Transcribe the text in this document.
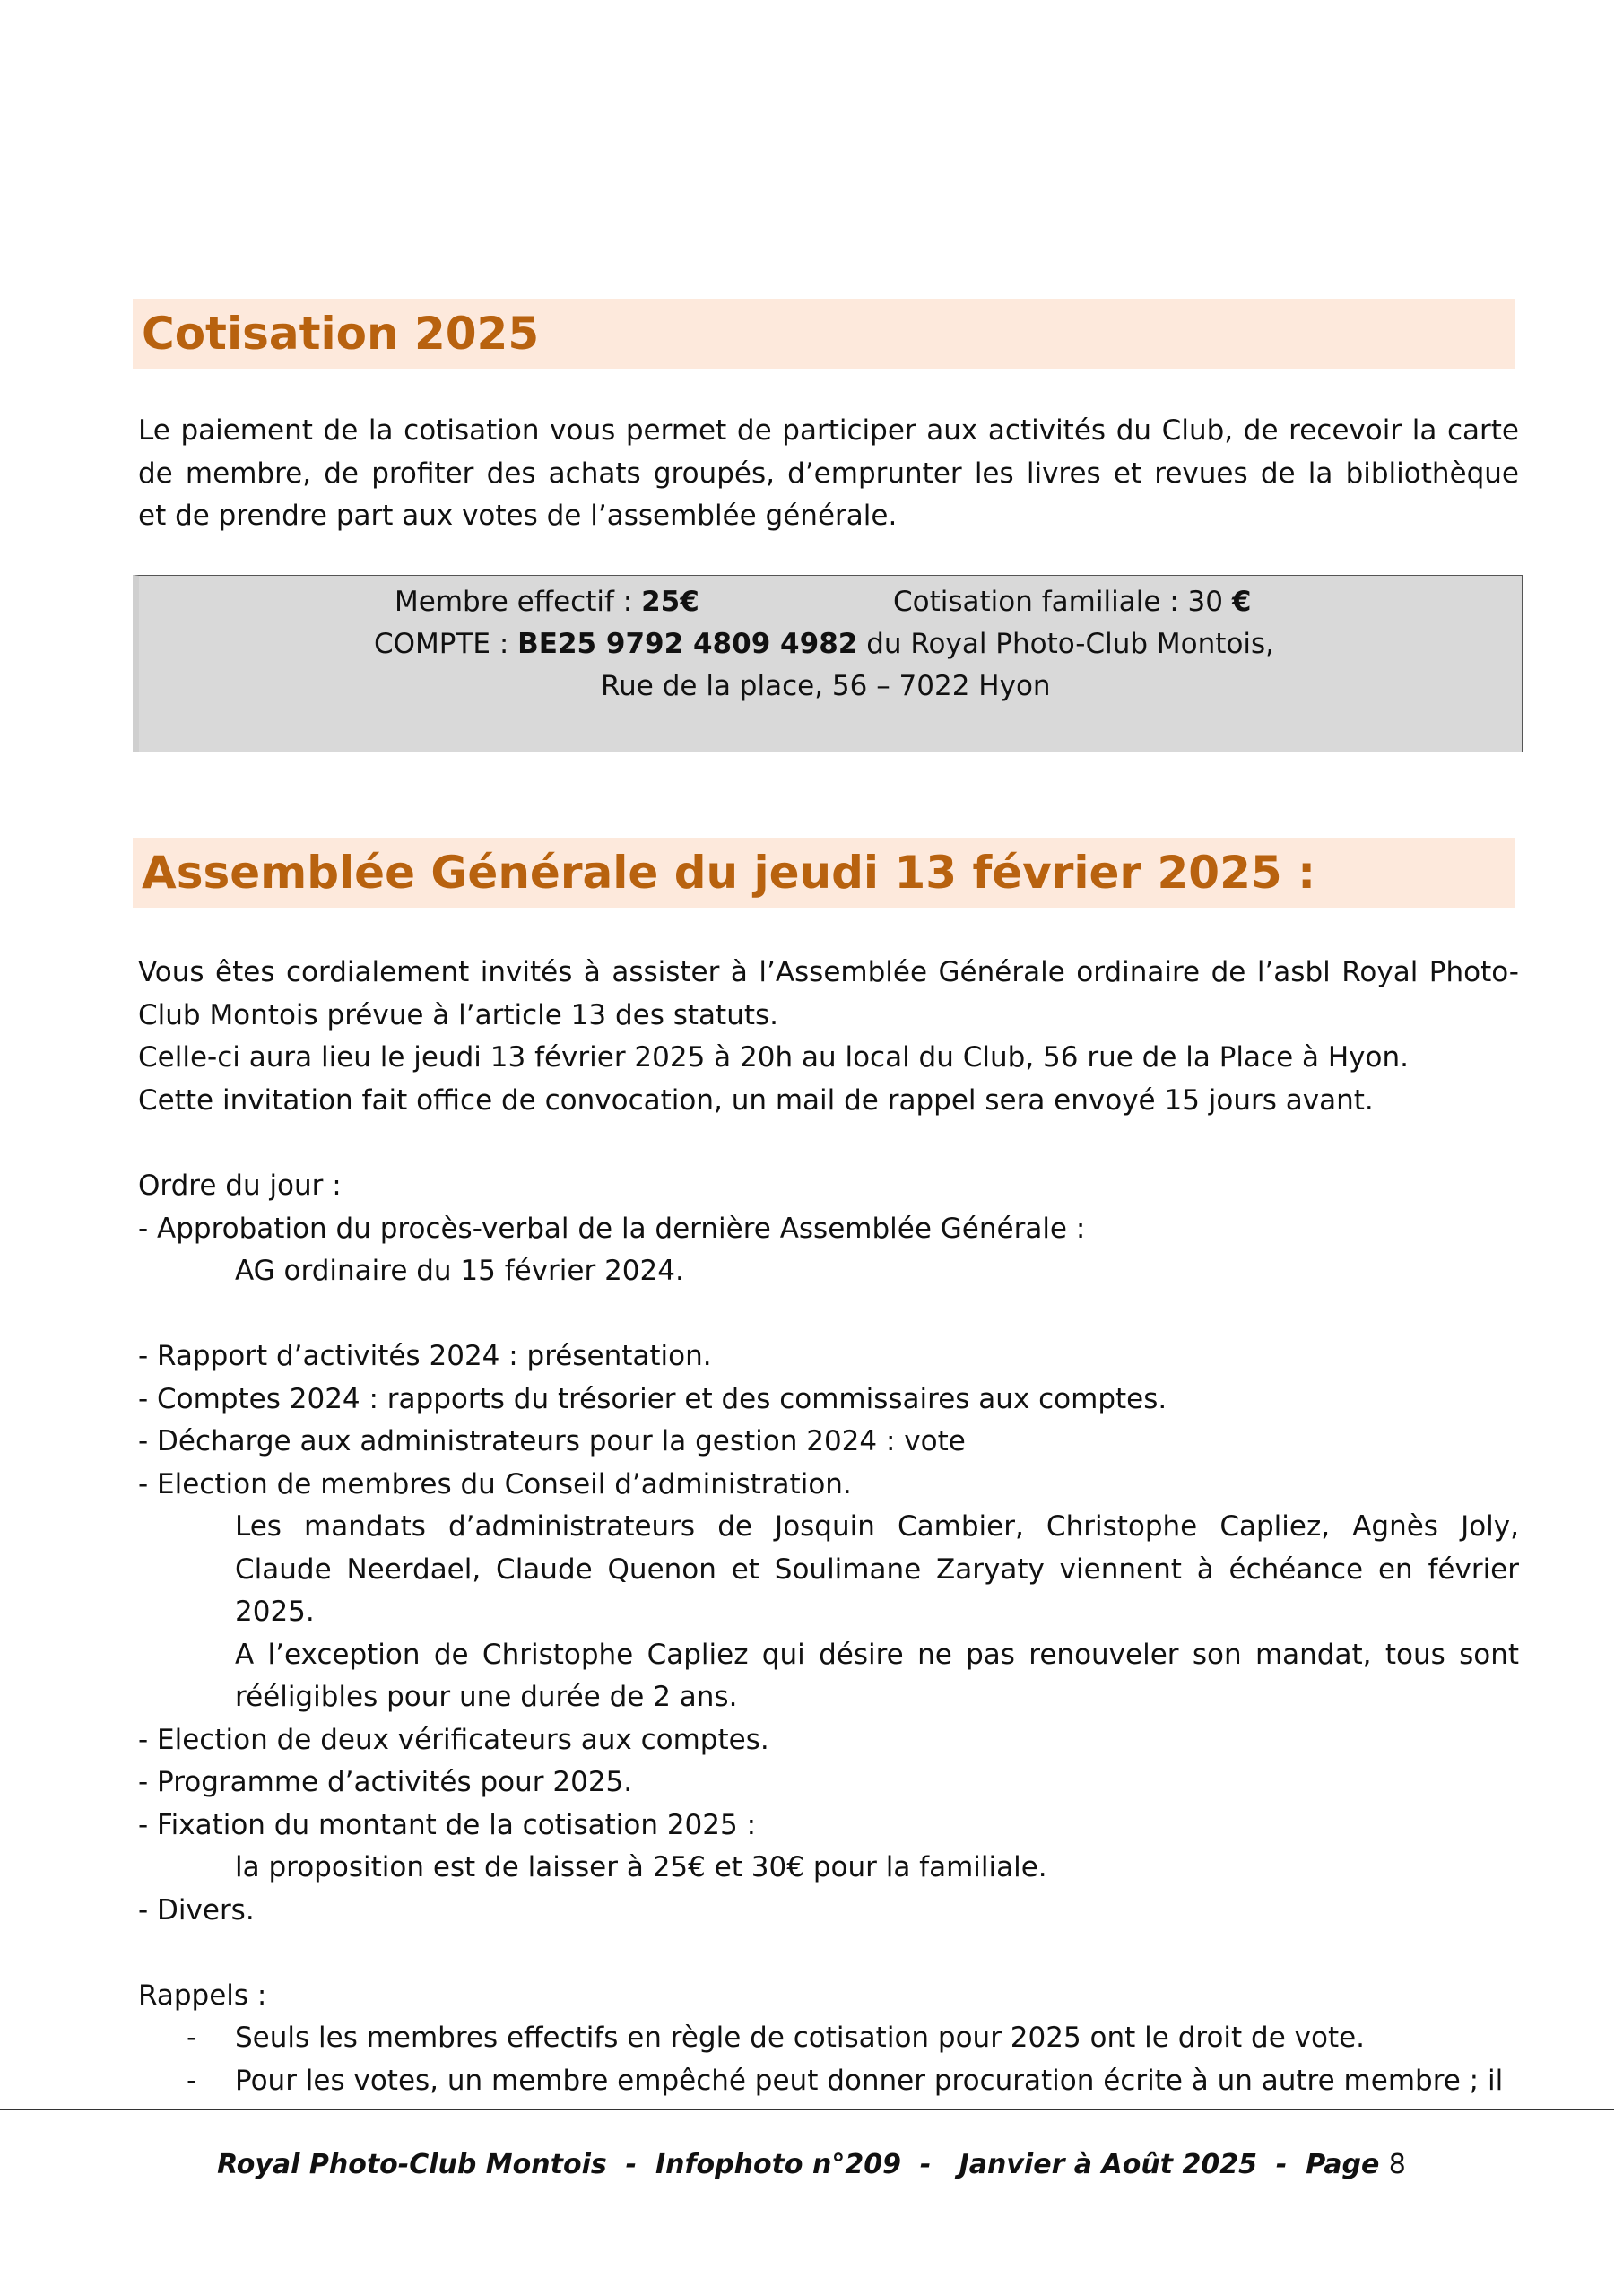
Cotisation 2025
Le paiement de la cotisation vous permet de participer aux activités du Club, de recevoir la carte
de membre, de profiter des achats groupés, d’emprunter les livres et revues de la bibliothèque
et de prendre part aux votes de l’assemblée générale.
Membre effectif : 25€	Cotisation familiale : 30 €
COMPTE : BE25 9792 4809 4982 du Royal Photo-Club Montois,
Rue de la place, 56 – 7022 Hyon
Assemblée Générale du jeudi 13 février 2025 :
Vous êtes cordialement invités à assister à l’Assemblée Générale ordinaire de l’asbl Royal Photo-
Club Montois prévue à l’article 13 des statuts.
Celle-ci aura lieu le jeudi 13 février 2025 à 20h au local du Club, 56 rue de la Place à Hyon.
Cette invitation fait office de convocation, un mail de rappel sera envoyé 15 jours avant.
Ordre du jour :
- Approbation du procès-verbal de la dernière Assemblée Générale :
AG ordinaire du 15 février 2024.
- Rapport d’activités 2024 : présentation.
- Comptes 2024 : rapports du trésorier et des commissaires aux comptes.
- Décharge aux administrateurs pour la gestion 2024 : vote
- Election de membres du Conseil d’administration.
Les mandats d’administrateurs de Josquin Cambier, Christophe Capliez, Agnès Joly,
Claude Neerdael, Claude Quenon et Soulimane Zaryaty viennent à échéance en février
2025.
A l’exception de Christophe Capliez qui désire ne pas renouveler son mandat, tous sont
rééligibles pour une durée de 2 ans.
- Election de deux vérificateurs aux comptes.
- Programme d’activités pour 2025.
- Fixation du montant de la cotisation 2025 :
la proposition est de laisser à 25€ et 30€ pour la familiale.
- Divers.
Rappels :
- Seuls les membres effectifs en règle de cotisation pour 2025 ont le droit de vote.
- Pour les votes, un membre empêché peut donner procuration écrite à un autre membre ; il
Royal Photo-Club Montois  -  Infophoto n°209  -   Janvier à Août 2025  -  Page 8
